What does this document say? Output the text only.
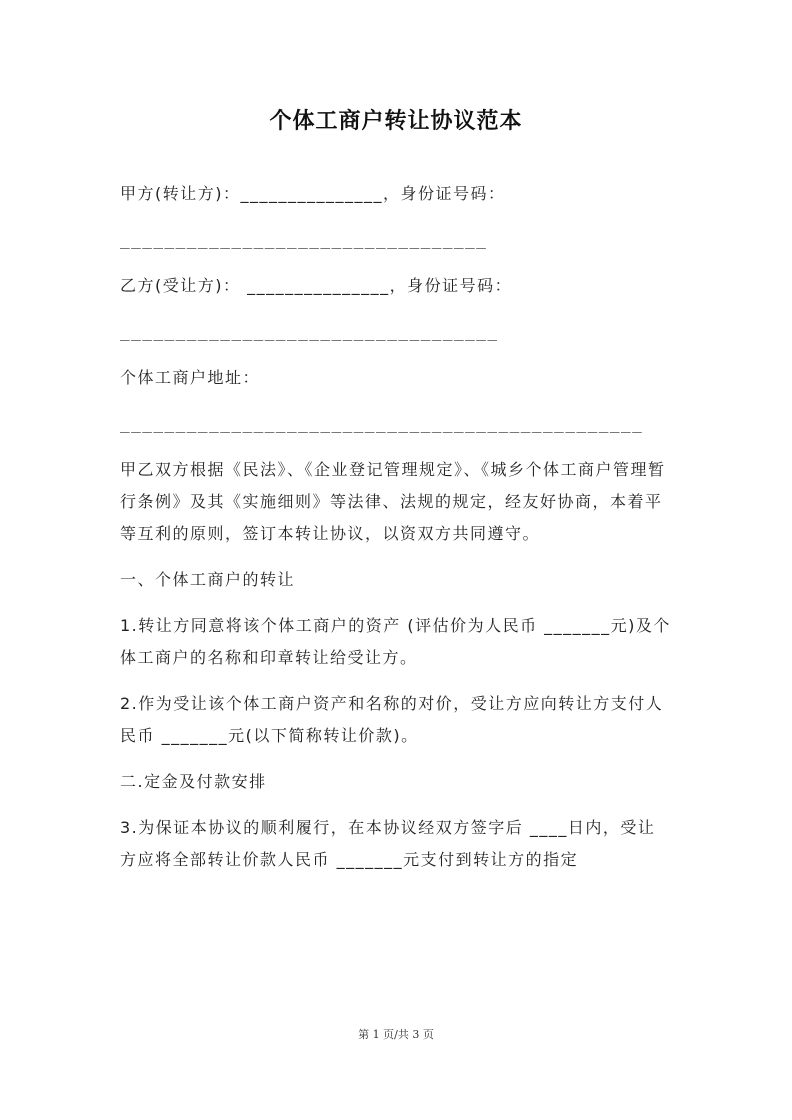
个体工商户转让协议范本

甲方(转让方)：_______________，身份证号码：

_________________________________

乙方(受让方)： _______________，身份证号码：

__________________________________

个体工商户地址：

_______________________________________________

甲乙双方根据《民法》、《企业登记管理规定》、《城乡个体工商户管理暂行条例》及其《实施细则》等法律、法规的规定，经友好协商，本着平等互利的原则，签订本转让协议，以资双方共同遵守。

一、个体工商户的转让

1.转让方同意将该个体工商户的资产 (评估价为人民币 _______元)及个体工商户的名称和印章转让给受让方。

2.作为受让该个体工商户资产和名称的对价，受让方应向转让方支付人民币 _______元(以下简称转让价款)。

二.定金及付款安排

3.为保证本协议的顺利履行，在本协议经双方签字后 ____日内，受让方应将全部转让价款人民币 _______元支付到转让方的指定

第 1 页/共 3 页
